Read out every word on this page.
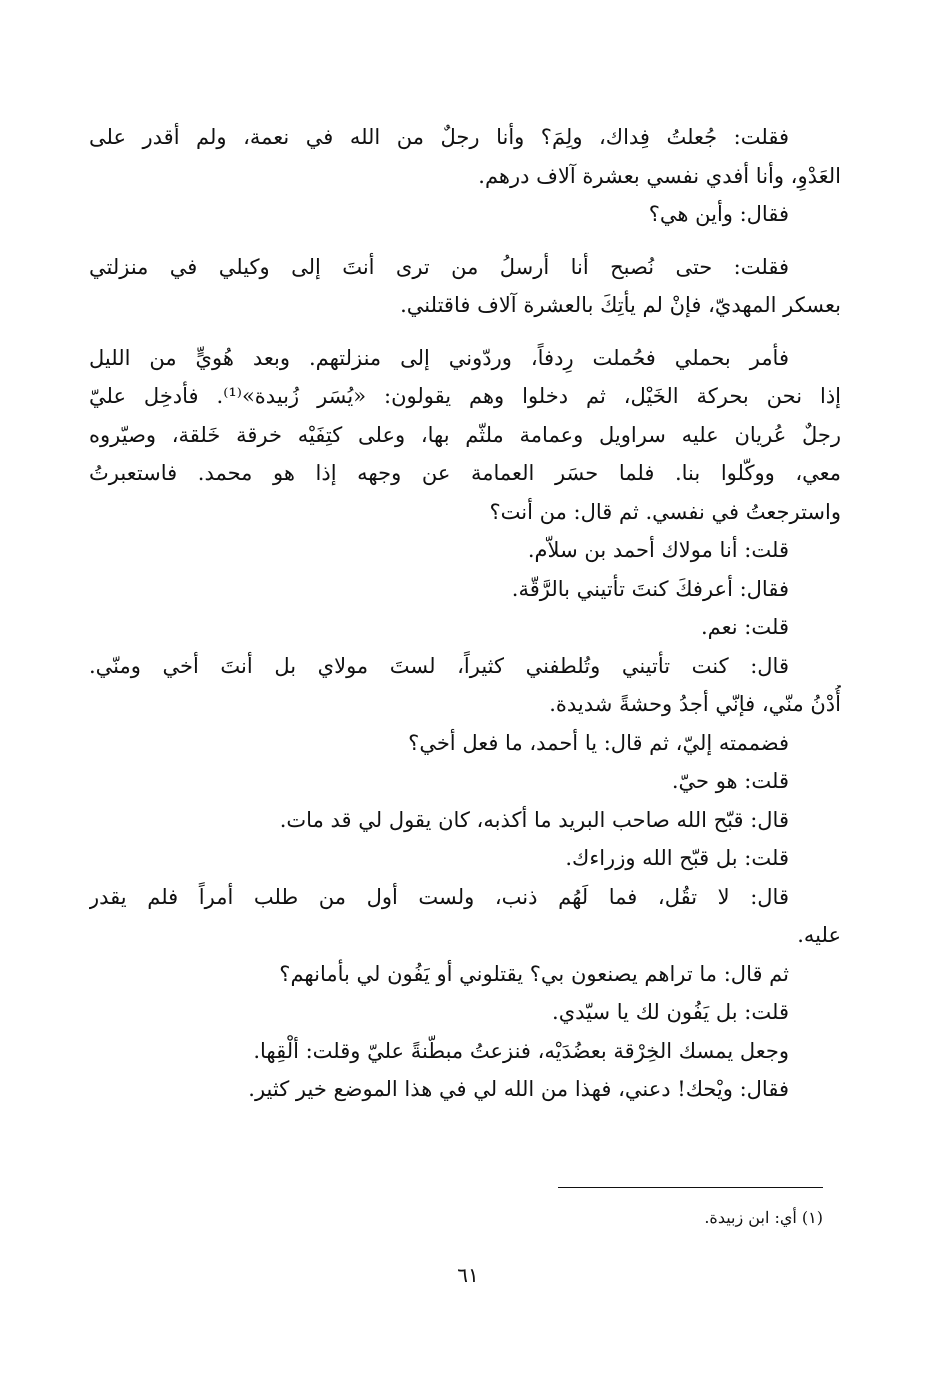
فقلت: جُعلتُ فِداك، ولِمَ؟ وأنا رجلٌ من الله في نعمة، ولم أقدر على
العَدْوِ، وأنا أفدي نفسي بعشرة آلاف درهم.
فقال: وأين هي؟
فقلت: حتى نُصبح أنا أرسلُ من ترى أنتَ إلى وكيلي في منزلتي
بعسكر المهديّ، فإنْ لم يأتِكَ بالعشرة آلاف فاقتلني.
فأمر بحملي فحُملت رِدفاً، وردّوني إلى منزلتهم. وبعد هُويٍّ من الليل
إذا نحن بحركة الخَيْل، ثم دخلوا وهم يقولون: «يُسَر زُبيدة»⁽¹⁾. فأدخِل عليّ
رجلٌ عُريان عليه سراويل وعمامة ملثّم بها، وعلى كتِفَيْه خرقة خَلقة، وصيّروه
معي، ووكّلوا بنا. فلما حسَر العمامة عن وجهه إذا هو محمد. فاستعبرتُ
واسترجعتُ في نفسي. ثم قال: من أنت؟
قلت: أنا مولاك أحمد بن سلاّم.
فقال: أعرفكَ كنتَ تأتيني بالرَّقّة.
قلت: نعم.
قال: كنت تأتيني وتُلطفني كثيراً، لستَ مولاي بل أنتَ أخي ومنّي.
أُدْنُ منّي، فإنّي أجدُ وحشةً شديدة.
فضممته إليّ، ثم قال: يا أحمد، ما فعل أخي؟
قلت: هو حيّ.
قال: قبّح الله صاحب البريد ما أكذبه، كان يقول لي قد مات.
قلت: بل قبّح الله وزراءك.
قال: لا تقُل، فما لَهُم ذنب، ولست أول من طلب أمراً فلم يقدر
عليه.
ثم قال: ما تراهم يصنعون بي؟ يقتلوني أو يَفُون لي بأمانهم؟
قلت: بل يَفُون لك يا سيّدي.
وجعل يمسك الخِرْقة بعضُدَيْه، فنزعتُ مبطّنةً عليّ وقلت: ألْقِها.
فقال: ويْحك! دعني، فهذا من الله لي في هذا الموضع خير كثير.
(١) أي: ابن زبيدة.
٦١
